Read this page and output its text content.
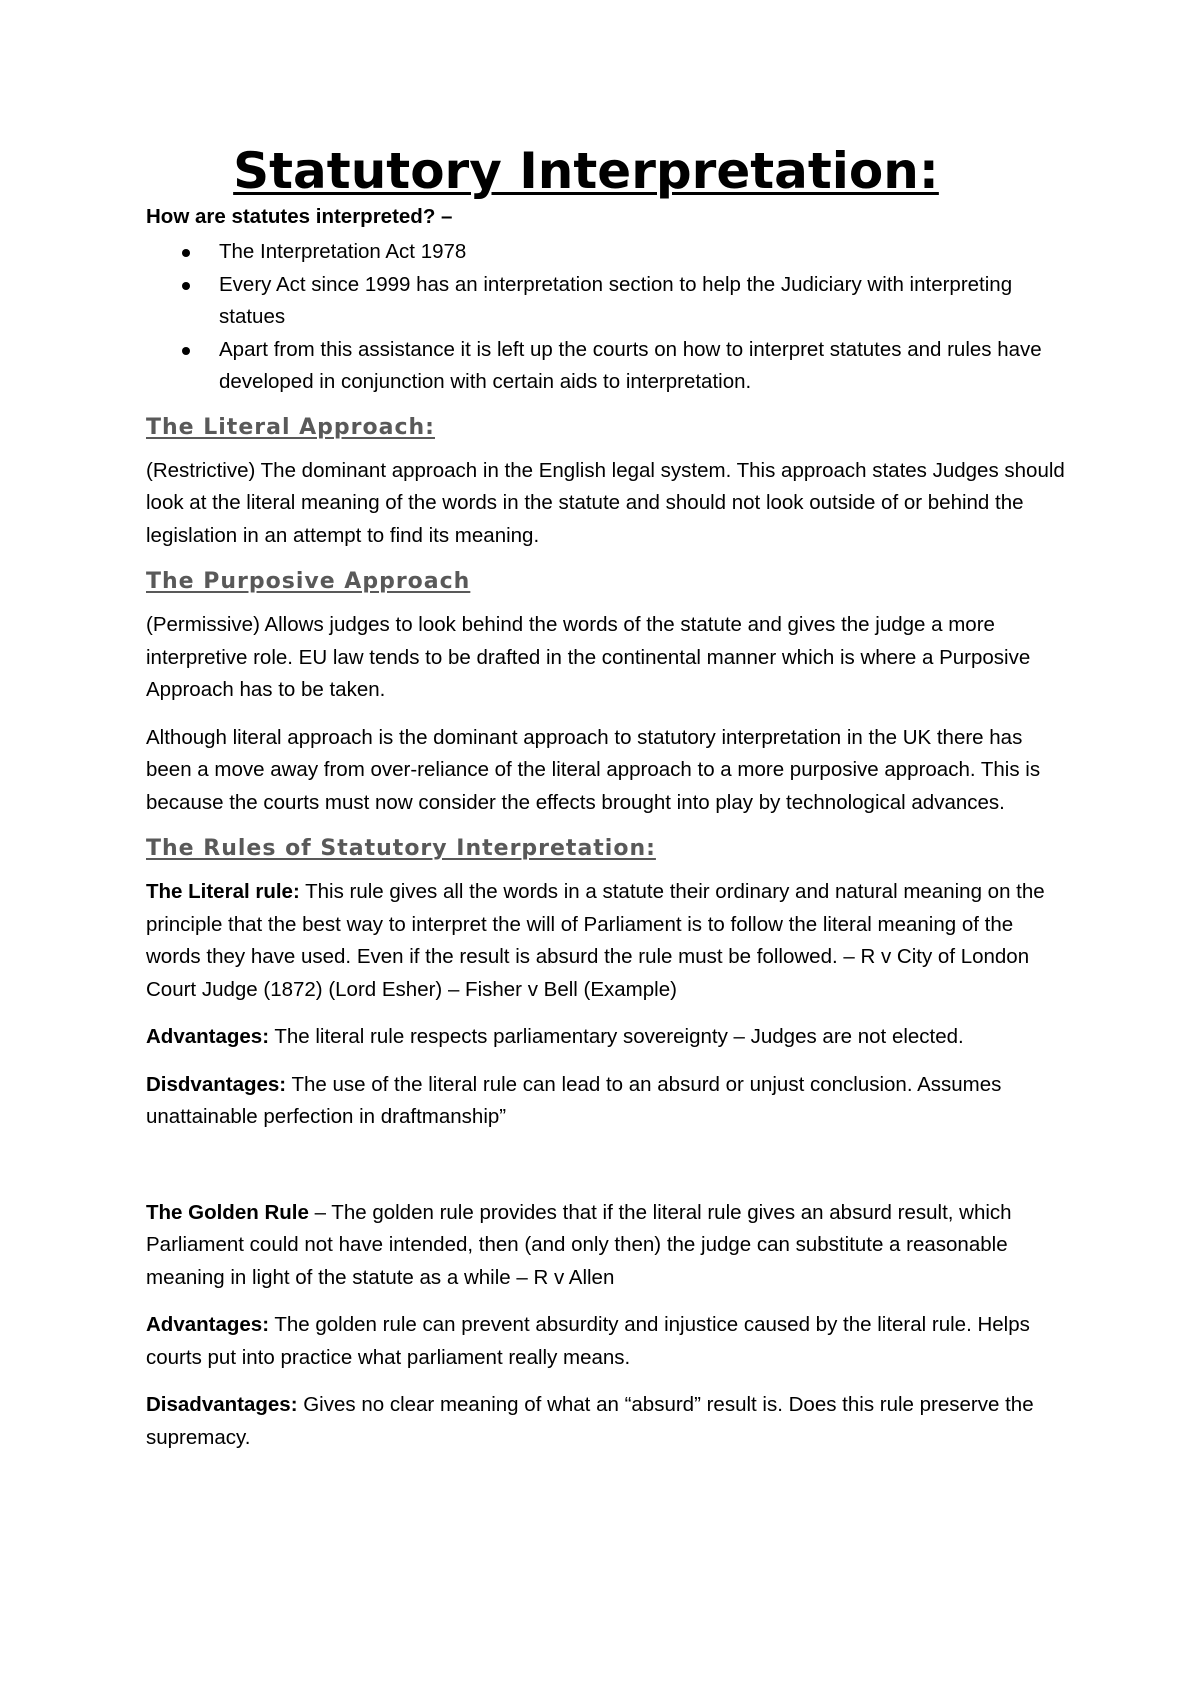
Statutory Interpretation:

How are statutes interpreted? –

The Interpretation Act 1978
Every Act since 1999 has an interpretation section to help the Judiciary with interpreting statues
Apart from this assistance it is left up the courts on how to interpret statutes and rules have developed in conjunction with certain aids to interpretation.
The Literal Approach:

(Restrictive) The dominant approach in the English legal system. This approach states Judges should look at the literal meaning of the words in the statute and should not look outside of or behind the legislation in an attempt to find its meaning.

The Purposive Approach

(Permissive) Allows judges to look behind the words of the statute and gives the judge a more interpretive role. EU law tends to be drafted in the continental manner which is where a Purposive Approach has to be taken.

Although literal approach is the dominant approach to statutory interpretation in the UK there has been a move away from over-reliance of the literal approach to a more purposive approach. This is because the courts must now consider the effects brought into play by technological advances.

The Rules of Statutory Interpretation:

The Literal rule: This rule gives all the words in a statute their ordinary and natural meaning on the principle that the best way to interpret the will of Parliament is to follow the literal meaning of the words they have used. Even if the result is absurd the rule must be followed. – R v City of London Court Judge (1872) (Lord Esher) – Fisher v Bell (Example)

Advantages: The literal rule respects parliamentary sovereignty – Judges are not elected.

Disdvantages: The use of the literal rule can lead to an absurd or unjust conclusion. Assumes unattainable perfection in draftmanship”

The Golden Rule – The golden rule provides that if the literal rule gives an absurd result, which Parliament could not have intended, then (and only then) the judge can substitute a reasonable meaning in light of the statute as a while – R v Allen

Advantages: The golden rule can prevent absurdity and injustice caused by the literal rule. Helps courts put into practice what parliament really means.

Disadvantages: Gives no clear meaning of what an “absurd” result is. Does this rule preserve the supremacy.
